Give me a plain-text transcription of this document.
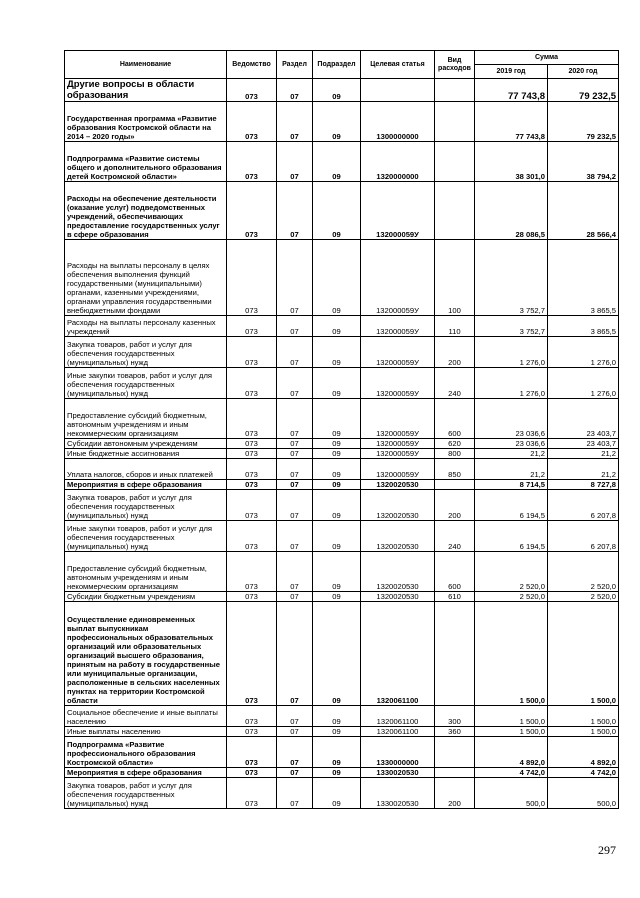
Наименование	Ведомство	Раздел	Подраздел	Целевая статья	Вид расходов	Сумма	
						2019 год	2020 год
Другие вопросы в области образования	073	07	09			77 743,8	79 232,5
Государственная программа «Развитие образования Костромской области на 2014 – 2020 годы»	073	07	09	1300000000		77 743,8	79 232,5
Подпрограмма «Развитие системы общего и дополнительного образования детей Костромской области»	073	07	09	1320000000		38 301,0	38 794,2
Расходы на обеспечение деятельности (оказание услуг) подведомственных учреждений, обеспечивающих предоставление государственных услуг в сфере образования	073	07	09	132000059У		28 086,5	28 566,4
Расходы на выплаты персоналу в целях обеспечения выполнения функций государственными (муниципальными) органами, казенными учреждениями, органами управления государственными внебюджетными фондами	073	07	09	132000059У	100	3 752,7	3 865,5
Расходы на выплаты персоналу казенных учреждений	073	07	09	132000059У	110	3 752,7	3 865,5
Закупка товаров, работ и услуг для обеспечения государственных (муниципальных) нужд	073	07	09	132000059У	200	1 276,0	1 276,0
Иные закупки товаров, работ и услуг для обеспечения государственных (муниципальных) нужд	073	07	09	132000059У	240	1 276,0	1 276,0
Предоставление субсидий бюджетным, автономным учреждениям и иным некоммерческим организациям	073	07	09	132000059У	600	23 036,6	23 403,7
Субсидии автономным учреждениям	073	07	09	132000059У	620	23 036,6	23 403,7
Иные бюджетные ассигнования	073	07	09	132000059У	800	21,2	21,2
Уплата налогов, сборов и иных платежей	073	07	09	132000059У	850	21,2	21,2
Мероприятия в сфере образования	073	07	09	1320020530		8 714,5	8 727,8
Закупка товаров, работ и услуг для обеспечения государственных (муниципальных) нужд	073	07	09	1320020530	200	6 194,5	6 207,8
Иные закупки товаров, работ и услуг для обеспечения государственных (муниципальных) нужд	073	07	09	1320020530	240	6 194,5	6 207,8
Предоставление субсидий бюджетным, автономным учреждениям и иным некоммерческим организациям	073	07	09	1320020530	600	2 520,0	2 520,0
Субсидии бюджетным учреждениям	073	07	09	1320020530	610	2 520,0	2 520,0
Осуществление единовременных выплат выпускникам профессиональных образовательных организаций или образовательных организаций высшего образования, принятым на работу в государственные или муниципальные организации, расположенные в сельских населенных пунктах на территории Костромской области	073	07	09	1320061100		1 500,0	1 500,0
Социальное обеспечение и иные выплаты населению	073	07	09	1320061100	300	1 500,0	1 500,0
Иные выплаты населению	073	07	09	1320061100	360	1 500,0	1 500,0
Подпрограмма «Развитие профессионального образования Костромской области»	073	07	09	1330000000		4 892,0	4 892,0
Мероприятия в сфере образования	073	07	09	1330020530		4 742,0	4 742,0
Закупка товаров, работ и услуг для обеспечения государственных (муниципальных) нужд	073	07	09	1330020530	200	500,0	500,0
297
